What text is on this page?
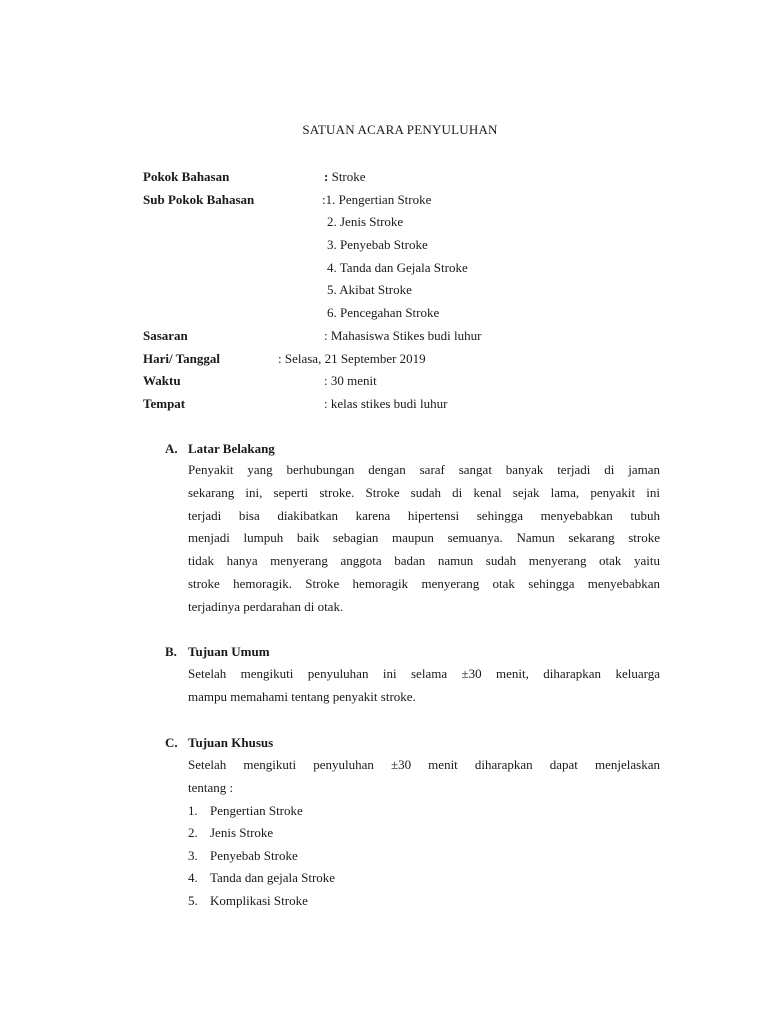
SATUAN ACARA PENYULUHAN
Pokok Bahasan	: Stroke
Sub Pokok Bahasan	:1. Pengertian Stroke
2. Jenis Stroke
3. Penyebab Stroke
4. Tanda dan Gejala Stroke
5. Akibat Stroke
6. Pencegahan Stroke
Sasaran	: Mahasiswa Stikes budi luhur
Hari/ Tanggal	: Selasa, 21 September 2019
Waktu	: 30 menit
Tempat	: kelas stikes budi luhur
A. Latar Belakang
Penyakit yang berhubungan dengan saraf sangat banyak terjadi di jaman
sekarang ini, seperti stroke. Stroke sudah di kenal sejak lama, penyakit ini
terjadi bisa diakibatkan karena hipertensi sehingga menyebabkan tubuh
menjadi lumpuh baik sebagian maupun semuanya. Namun sekarang stroke
tidak hanya menyerang anggota badan namun sudah menyerang otak yaitu
stroke hemoragik. Stroke hemoragik menyerang otak sehingga menyebabkan
terjadinya perdarahan di otak.
B. Tujuan Umum
Setelah mengikuti penyuluhan ini selama ±30 menit, diharapkan keluarga
mampu memahami tentang penyakit stroke.
C. Tujuan Khusus
Setelah mengikuti penyuluhan ±30 menit diharapkan dapat menjelaskan
tentang :
1. Pengertian Stroke
2. Jenis Stroke
3. Penyebab Stroke
4. Tanda dan gejala Stroke
5. Komplikasi Stroke
